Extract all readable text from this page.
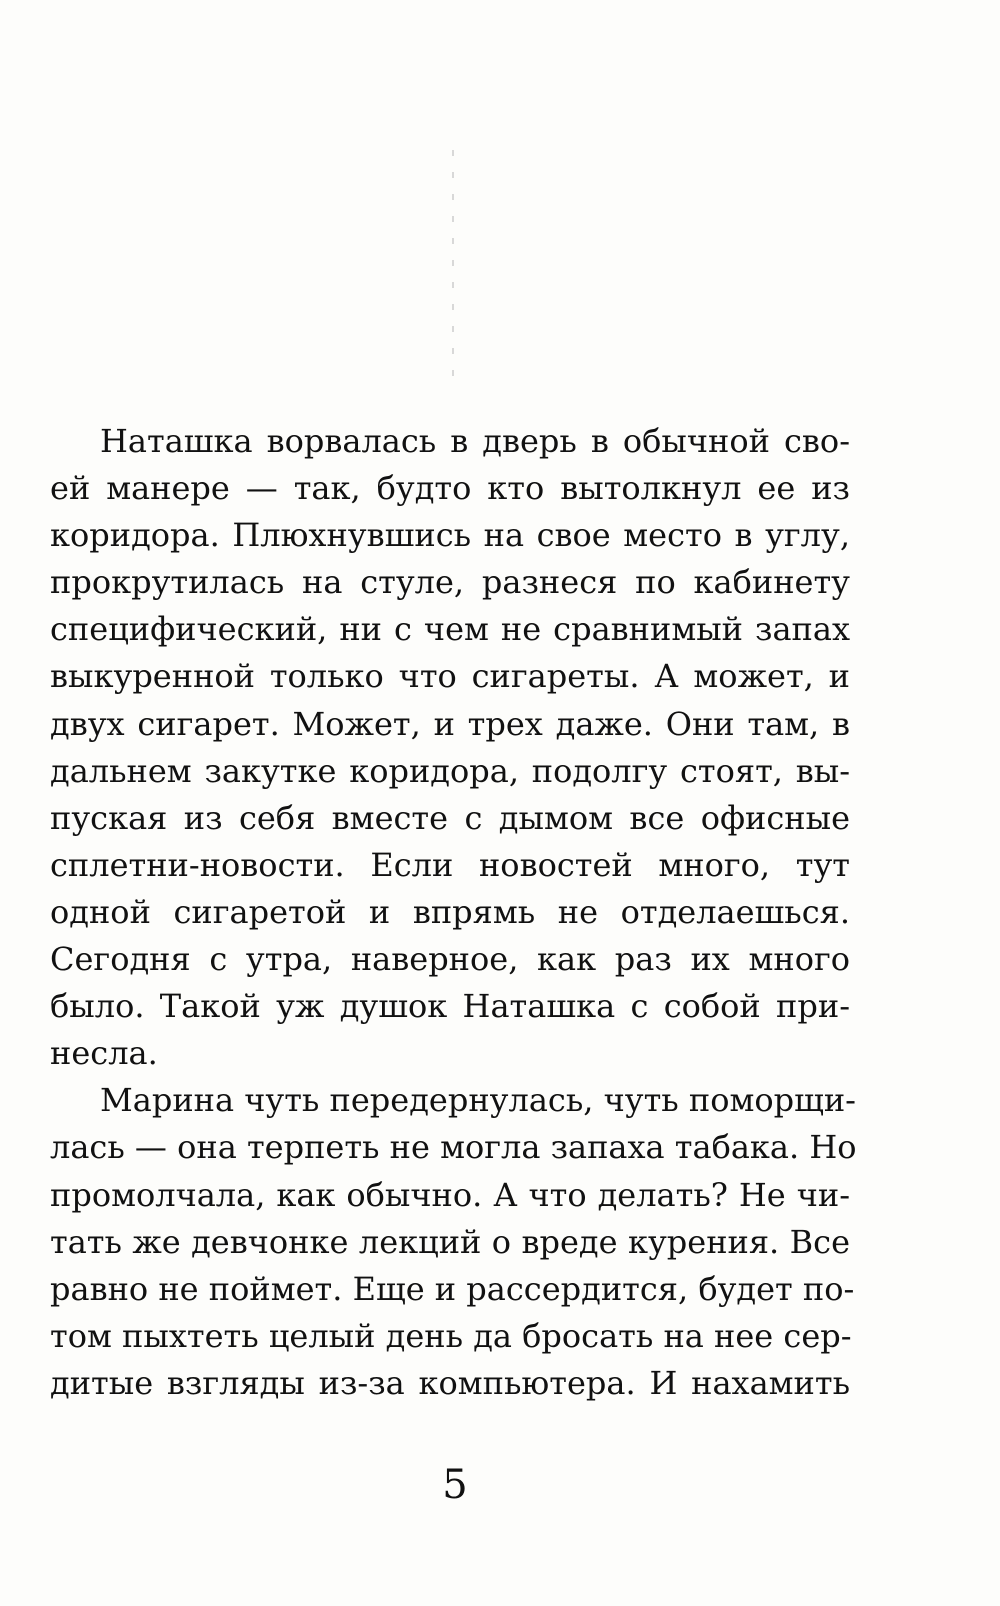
Наташка ворвалась в дверь в обычной сво-
ей манере — так, будто кто вытолкнул ее из
коридора. Плюхнувшись на свое место в углу,
прокрутилась на стуле, разнеся по кабинету
специфический, ни с чем не сравнимый запах
выкуренной только что сигареты. А может, и
двух сигарет. Может, и трех даже. Они там, в
дальнем закутке коридора, подолгу стоят, вы-
пуская из себя вместе с дымом все офисные
сплетни-новости. Если новостей много, тут
одной сигаретой и впрямь не отделаешься.
Сегодня с утра, наверное, как раз их много
было. Такой уж душок Наташка с собой при-
несла.
Марина чуть передернулась, чуть поморщи-
лась — она терпеть не могла запаха табака. Но
промолчала, как обычно. А что делать? Не чи-
тать же девчонке лекций о вреде курения. Все
равно не поймет. Еще и рассердится, будет по-
том пыхтеть целый день да бросать на нее сер-
дитые взгляды из-за компьютера. И нахамить
5
